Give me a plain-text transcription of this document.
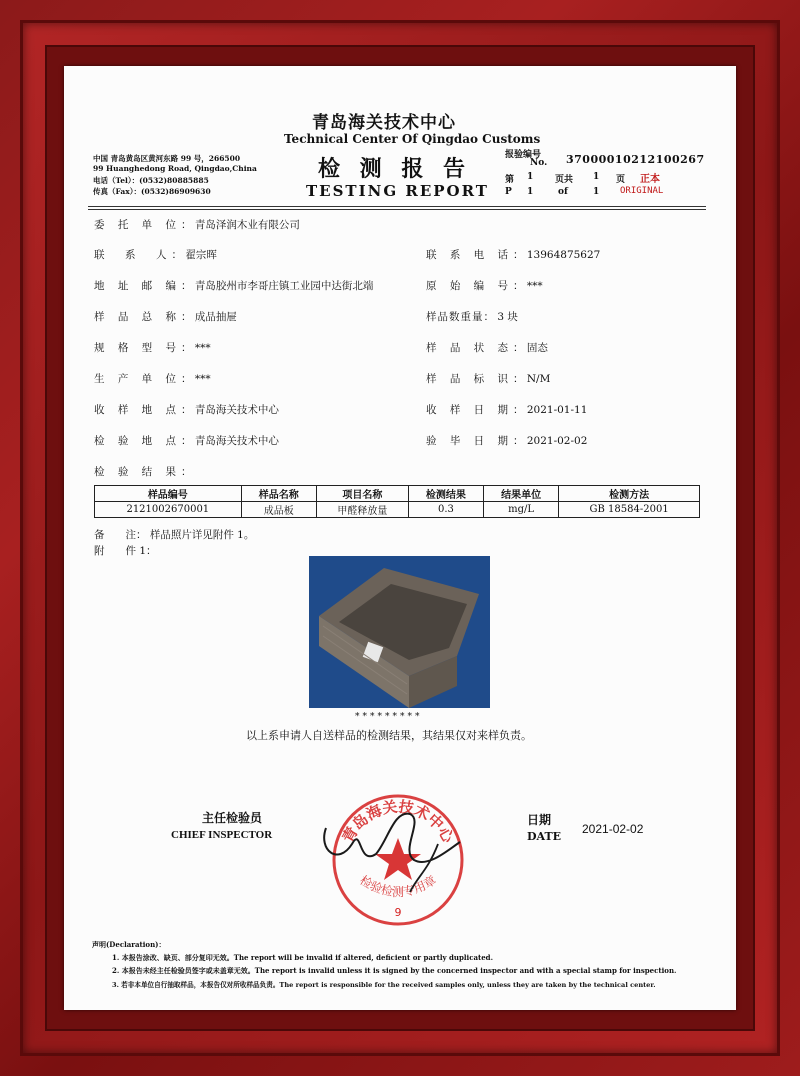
青岛海关技术中心
Technical Center Of Qingdao Customs
检 测 报 告
TESTING REPORT
中国 青岛黄岛区黄河东路 99 号，266500
99 Huanghedong Road, Qingdao,China
电话（Tel）：(0532)80885885
传真（Fax）：(0532)86909630
报验编号
No. 370000102121002​67
第 1 页共 1 页 正本
P 1	of	1 ORIGINAL
委 托 单 位： 青岛泽润木业有限公司
联　系　人： 翟宗晖	联 系 电 话： 13964875627
地 址 邮 编： 青岛胶州市李哥庄镇工业园中达街北端	原 始 编 号： ***
样 品 总 称： 成品抽屉	样品数重量： 3 块
规 格 型 号： ***	样 品 状 态： 固态
生 产 单 位： ***	样 品 标 识： N/M
收 样 地 点： 青岛海关技术中心	收 样 日 期： 2021-01-11
检 验 地 点： 青岛海关技术中心	验 毕 日 期： 2021-02-02
检 验 结 果：
样品编号	样品名称	项目名称	检测结果	结果单位	检测方法
2121002670001	成品板	甲醛释放量	0.3	mg/L	GB 18584-2001
备　　注： 样品照片详见附件 1。
附　　件 1：
*********
以上系申请人自送样品的检测结果，其结果仅对来样负责。
主任检验员
CHIEF INSPECTOR
日期
DATE
2021-02-02
青岛海关技术中心
检验检测专用章
9
声明(Declaration)：
1. 本报告涂改、缺页、部分复印无效。The report will be invalid if altered, deficient or partly duplicated.
2. 本报告未经主任检验员签字或未盖章无效。The report is invalid unless it is signed by the concerned inspector and with a special stamp for inspection.
3. 若非本单位自行抽取样品，本报告仅对所收样品负责。The report is responsible for the received samples only, unless they are taken by the technical center.
